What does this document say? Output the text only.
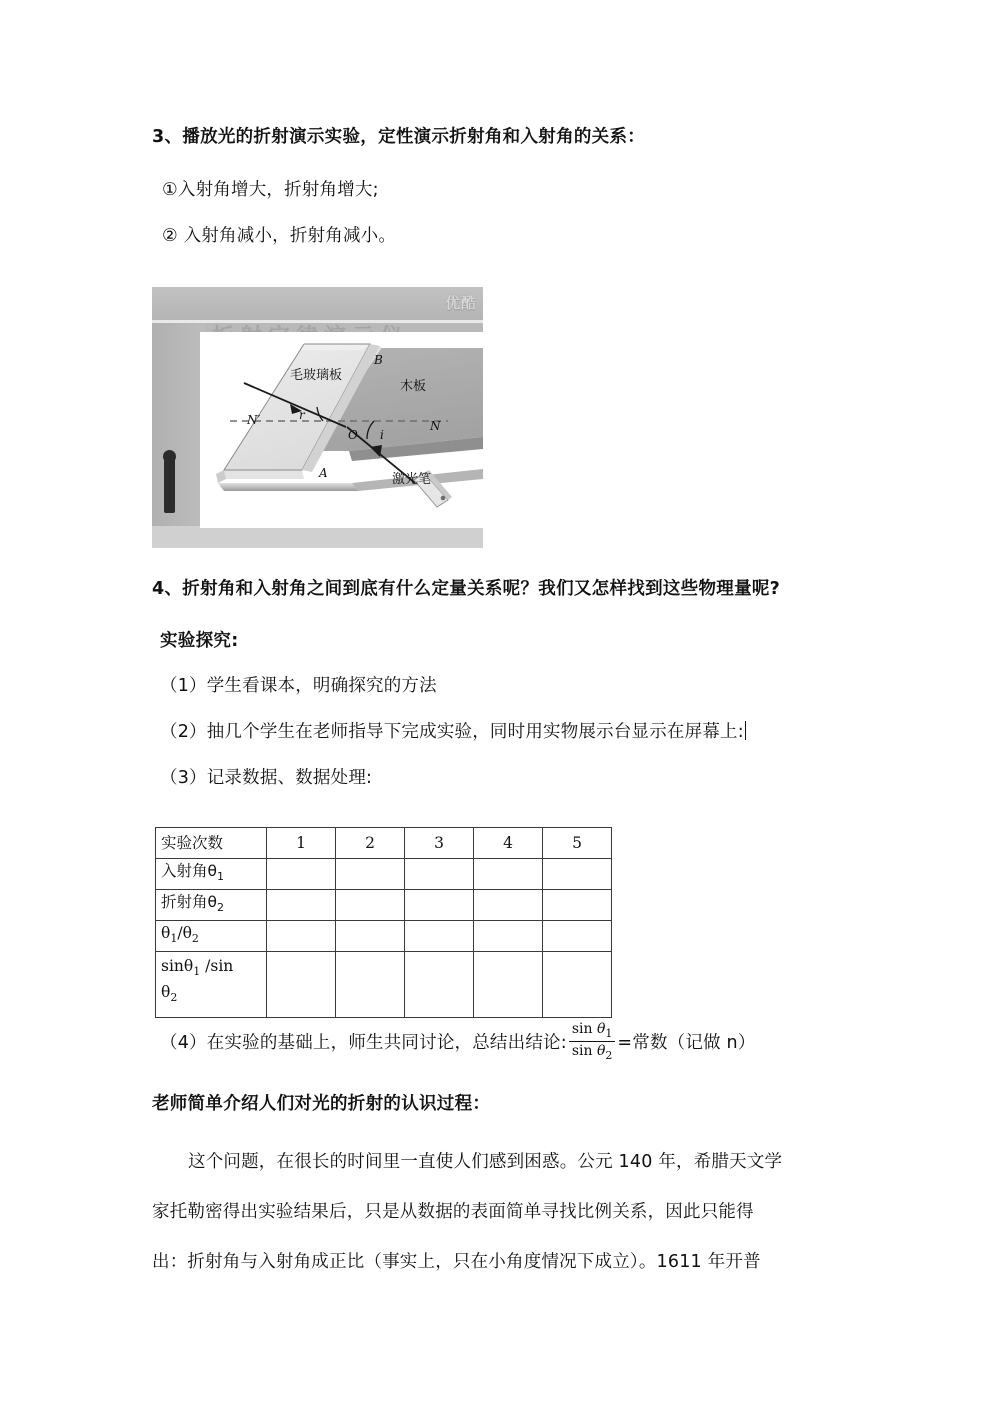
3、播放光的折射演示实验，定性演示折射角和入射角的关系：

①入射角增大，折射角增大;

② 入射角减小，折射角减小。

优酷
N′	N
O
A
B
r
i
毛玻璃板
木板
激光笔

4、折射角和入射角之间到底有什么定量关系呢？我们又怎样找到这些物理量呢?

实验探究:

（1）学生看课本，明确探究的方法

（2）抽几个学生在老师指导下完成实验，同时用实物展示台显示在屏幕上:

（3）记录数据、数据处理:

实验次数	1	2	3	4	5
入射角$\theta_1$					
折射角$\theta_2$					
$\theta_1/\theta_2$					
sinθ$_1$ /sin
$\theta_2$					
（4）在实验的基础上，师生共同讨论，总结出结论: $\frac{\sin \theta_1}{\sin \theta_2}$ =常数（记做 n）

老师简单介绍人们对光的折射的认识过程：

这个问题，在很长的时间里一直使人们感到困惑。公元 140 年，希腊天文学

家托勒密得出实验结果后，只是从数据的表面简单寻找比例关系，因此只能得

出：折射角与入射角成正比（事实上，只在小角度情况下成立）。1611 年开普
